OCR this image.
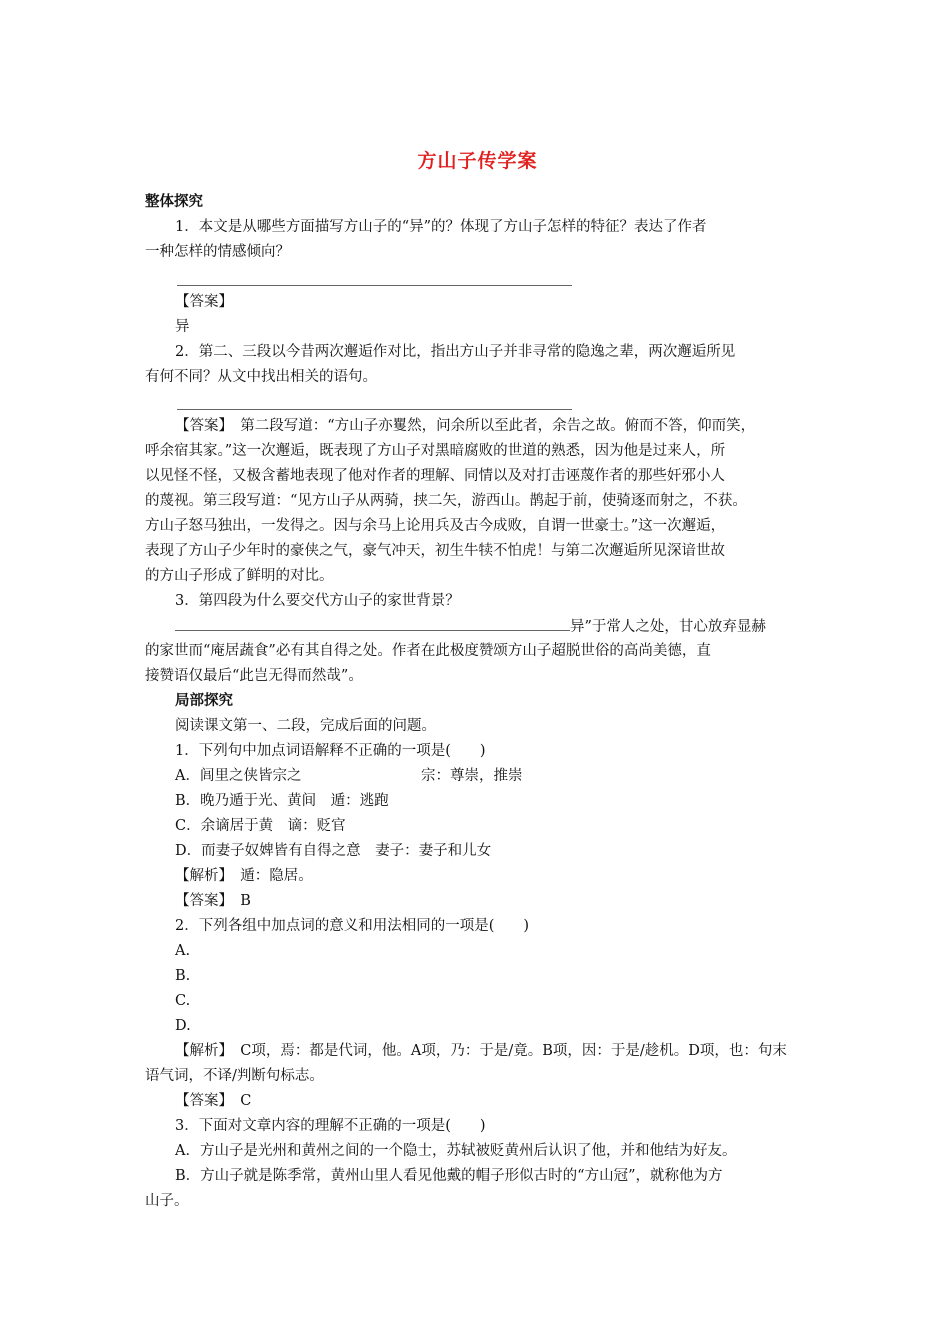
方山子传学案
整体探究
1．本文是从哪些方面描写方山子的“异”的？体现了方山子怎样的特征？表达了作者
一种怎样的情感倾向？
【答案】
异
2．第二、三段以今昔两次邂逅作对比，指出方山子并非寻常的隐逸之辈，两次邂逅所见
有何不同？从文中找出相关的语句。
【答案】　第二段写道：“方山子亦矍然，问余所以至此者，余告之故。俯而不答，仰而笑，
呼余宿其家。”这一次邂逅，既表现了方山子对黑暗腐败的世道的熟悉，因为他是过来人，所
以见怪不怪，又极含蓄地表现了他对作者的理解、同情以及对打击诬蔑作者的那些奸邪小人
的蔑视。第三段写道：“见方山子从两骑，挟二矢，游西山。鹊起于前，使骑逐而射之，不获。
方山子怒马独出，一发得之。因与余马上论用兵及古今成败，自谓一世豪士。”这一次邂逅，
表现了方山子少年时的豪侠之气，豪气冲天，初生牛犊不怕虎！与第二次邂逅所见深谙世故
的方山子形成了鲜明的对比。
3．第四段为什么要交代方山子的家世背景？
异”于常人之处，甘心放弃显赫
的家世而“庵居蔬食”必有其自得之处。作者在此极度赞颂方山子超脱世俗的高尚美德，直
接赞语仅最后“此岂无得而然哉”。
局部探究
阅读课文第一、二段，完成后面的问题。
1．下列句中加点词语解释不正确的一项是(　　)
A．闾里之侠皆宗之	宗：尊崇，推崇
B．晚乃遁于光、黄间　遁：逃跑
C．余谪居于黄　谪：贬官
D．而妻子奴婢皆有自得之意　妻子：妻子和儿女
【解析】　遁：隐居。
【答案】　B
2．下列各组中加点词的意义和用法相同的一项是(　　)
A.
B.
C.
D.
【解析】　C项，焉：都是代词，他。A项，乃：于是/竟。B项，因：于是/趁机。D项，也：句末
语气词，不译/判断句标志。
【答案】　C
3．下面对文章内容的理解不正确的一项是(　　)
A．方山子是光州和黄州之间的一个隐士，苏轼被贬黄州后认识了他，并和他结为好友。
B．方山子就是陈季常，黄州山里人看见他戴的帽子形似古时的“方山冠”，就称他为方
山子。
